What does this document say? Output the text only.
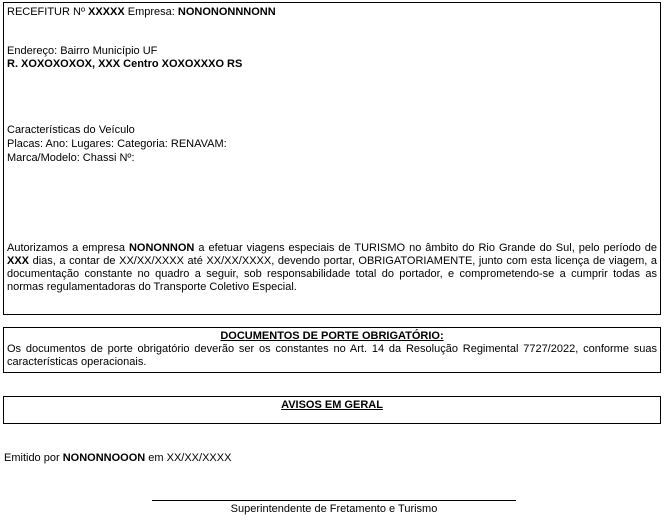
RECEFITUR Nº XXXXX Empresa: NONONONNNONN
Endereço: Bairro Município UF
R. XOXOXOXOX, XXX Centro XOXOXXXO RS
Características do Veículo
Placas: Ano: Lugares: Categoria: RENAVAM:
Marca/Modelo: Chassi Nº:
Autorizamos a empresa NONONNON a efetuar viagens especiais de TURISMO no âmbito do Rio Grande do Sul, pelo período de XXX dias, a contar de XX/XX/XXXX até XX/XX/XXXX, devendo portar, OBRIGATORIAMENTE, junto com esta licença de viagem, a documentação constante no quadro a seguir, sob responsabilidade total do portador, e comprometendo-se a cumprir todas as normas regulamentadoras do Transporte Coletivo Especial.
DOCUMENTOS DE PORTE OBRIGATÓRIO:
Os documentos de porte obrigatório deverão ser os constantes no Art. 14 da Resolução Regimental 7727/2022, conforme suas características operacionais.
AVISOS EM GERAL
Emitido por NONONNOOON em XX/XX/XXXX
Superintendente de Fretamento e Turismo
